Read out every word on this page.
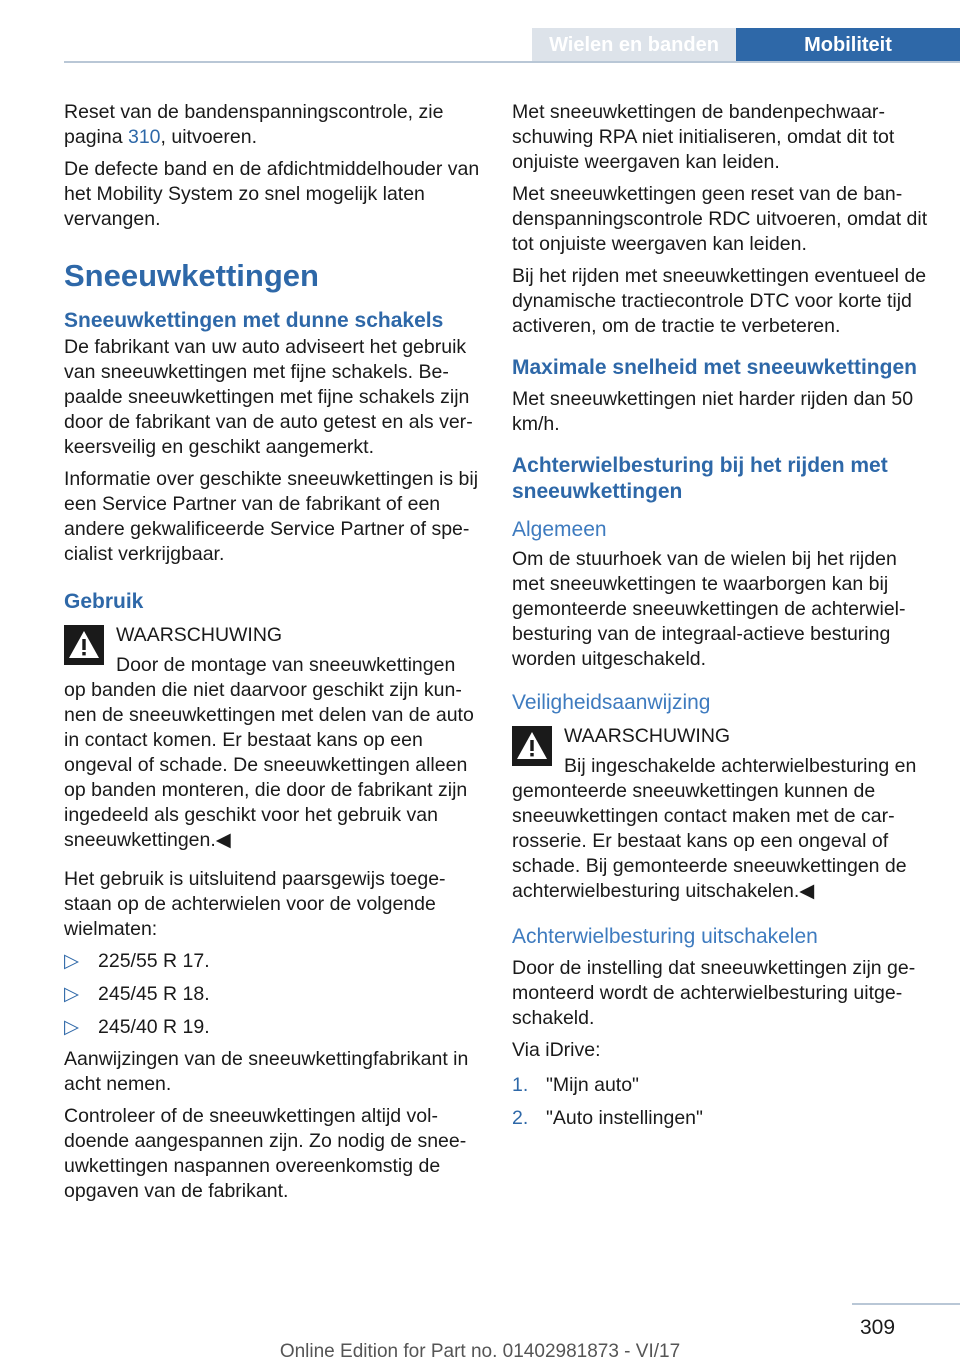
Wielen en banden	Mobiliteit

Reset van de bandenspanningscontrole, zie pagina 310, uitvoeren.

De defecte band en de afdichtmiddelhouder van het Mobility System zo snel mogelijk laten vervangen.

Sneeuwkettingen
Sneeuwkettingen met dunne schakels

De fabrikant van uw auto adviseert het gebruik van sneeuwkettingen met fijne schakels. Bepaalde sneeuwkettingen met fijne schakels zijn door de fabrikant van de auto getest en als verkeersveilig en geschikt aangemerkt.

Informatie over geschikte sneeuwkettingen is bij een Service Partner van de fabrikant of een andere gekwalificeerde Service Partner of specialist verkrijgbaar.

Gebruik

WAARSCHUWING

Door de montage van sneeuwkettingen op banden die niet daarvoor geschikt zijn kunnen de sneeuwkettingen met delen van de auto in contact komen. Er bestaat kans op een ongeval of schade. De sneeuwkettingen alleen op banden monteren, die door de fabrikant zijn ingedeeld als geschikt voor het gebruik van sneeuwkettingen.◀

Het gebruik is uitsluitend paarsgewijs toegestaan op de achterwielen voor de volgende wielmaten:

▷ 225/55 R 17.
▷ 245/45 R 18.
▷ 245/40 R 19.

Aanwijzingen van de sneeuwkettingfabrikant in acht nemen.

Controleer of de sneeuwkettingen altijd voldoende aangespannen zijn. Zo nodig de sneeuwkettingen naspannen overeenkomstig de opgaven van de fabrikant.

Met sneeuwkettingen de bandenpechwaarschuwing RPA niet initialiseren, omdat dit tot onjuiste weergaven kan leiden.

Met sneeuwkettingen geen reset van de bandenspanningscontrole RDC uitvoeren, omdat dit tot onjuiste weergaven kan leiden.

Bij het rijden met sneeuwkettingen eventueel de dynamische tractiecontrole DTC voor korte tijd activeren, om de tractie te verbeteren.

Maximale snelheid met sneeuwkettingen

Met sneeuwkettingen niet harder rijden dan 50 km/h.

Achterwielbesturing bij het rijden met sneeuwkettingen
Algemeen

Om de stuurhoek van de wielen bij het rijden met sneeuwkettingen te waarborgen kan bij gemonteerde sneeuwkettingen de achterwielbesturing van de integraal-actieve besturing worden uitgeschakeld.

Veiligheidsaanwijzing

WAARSCHUWING

Bij ingeschakelde achterwielbesturing en gemonteerde sneeuwkettingen kunnen de sneeuwkettingen contact maken met de carrosserie. Er bestaat kans op een ongeval of schade. Bij gemonteerde sneeuwkettingen de achterwielbesturing uitschakelen.◀

Achterwielbesturing uitschakelen

Door de instelling dat sneeuwkettingen zijn gemonteerd wordt de achterwielbesturing uitgeschakeld.

Via iDrive:

1. "Mijn auto"
2. "Auto instellingen"
309
Online Edition for Part no. 01402981873 - VI/17
